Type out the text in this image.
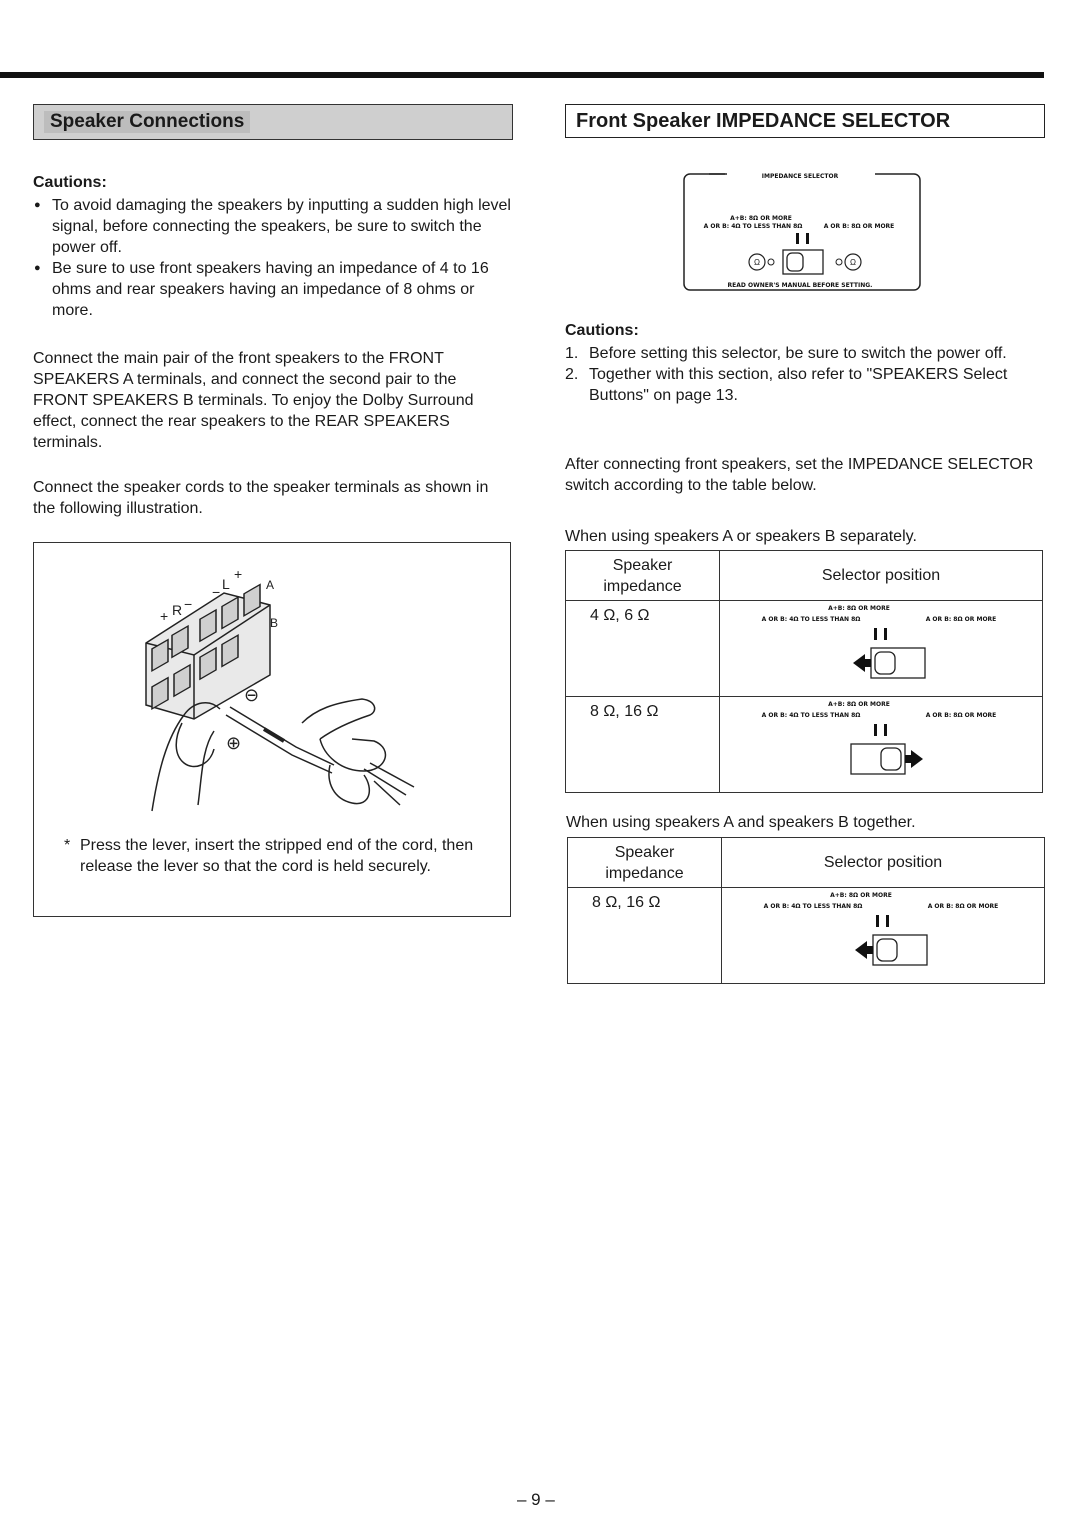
Speaker Connections

Cautions:

● To avoid damaging the speakers by inputting a sudden high level signal, before connecting the speakers, be sure to switch the power off.
● Be sure to use front speakers having an impedance of 4 to 16 ohms and rear speakers having an impedance of 8 ohms or more.

Connect the main pair of the front speakers to the FRONT SPEAKERS A terminals, and connect the second pair to the FRONT SPEAKERS B terminals. To enjoy the Dolby Surround effect, connect the rear speakers to the REAR SPEAKERS terminals.

Connect the speaker cords to the speaker terminals as shown in the following illustration.

+ R −
− L
+
A
B
⊖
⊕
* Press the lever, insert the stripped end of the cord, then release the lever so that the cord is held securely.
Front Speaker IMPEDANCE SELECTOR
IMPEDANCE SELECTOR
A+B: 8Ω OR MORE
A OR B: 4Ω TO LESS THAN 8Ω	A OR B: 8Ω OR MORE
Ω	Ω
READ OWNER'S MANUAL BEFORE SETTING.

Cautions:

1. Before setting this selector, be sure to switch the power off.
2. Together with this section, also refer to "SPEAKERS Select Buttons" on page 13.

After connecting front speakers, set the IMPEDANCE SELECTOR switch according to the table below.

When using speakers A or speakers B separately.
Speaker
impedance	Selector position
4 Ω, 6 Ω	A+B: 8Ω OR MORE
A OR B: 4Ω TO LESS THAN 8Ω A OR B: 8Ω OR MORE

8 Ω, 16 Ω	A+B: 8Ω OR MORE
A OR B: 4Ω TO LESS THAN 8Ω A OR B: 8Ω OR MORE
When using speakers A and speakers B together.
Speaker
impedance	Selector position
8 Ω, 16 Ω	A+B: 8Ω OR MORE
A OR B: 4Ω TO LESS THAN 8Ω A OR B: 8Ω OR MORE
– 9 –
